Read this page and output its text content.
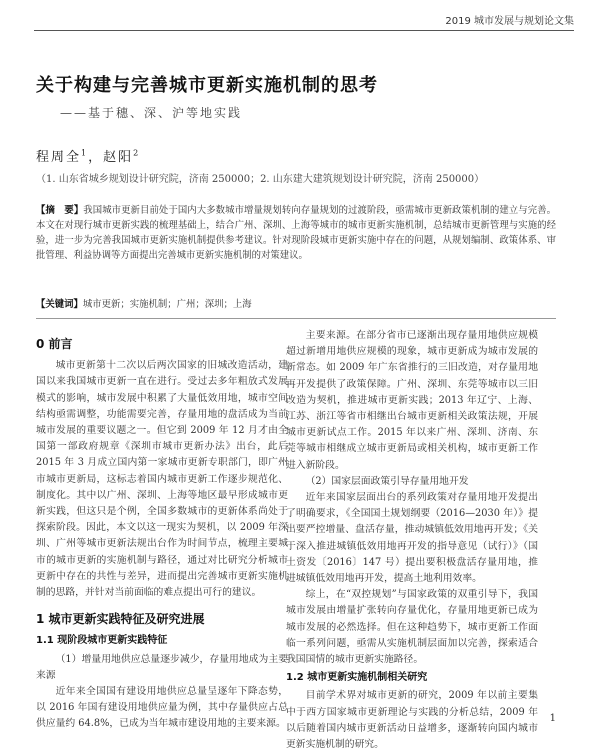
2019 城市发展与规划论文集
关于构建与完善城市更新实施机制的思考
——基于穗、深、沪等地实践
程周全$^1$，赵阳$^2$
（1. 山东省城乡规划设计研究院，济南 250000；2. 山东建大建筑规划设计研究院，济南 250000）
【摘　要】我国城市更新目前处于国内大多数城市增量规划转向存量规划的过渡阶段，亟需城市更新政策机制的建立与完善。本文在对现行城市更新实践的梳理基础上，结合广州、深圳、上海等城市的城市更新实施机制，总结城市更新管理与实施的经验，进一步为完善我国城市更新实施机制提供参考建议。针对现阶段城市更新实施中存在的问题，从规划编制、政策体系、审批管理、利益协调等方面提出完善城市更新实施机制的对策建议。
【关键词】城市更新；实施机制；广州；深圳；上海
0 前言

城市更新第十二次以后两次国家的旧城改造活动，建国以来我国城市更新一直在进行。受过去多年粗放式发展模式的影响，城市发展中积累了大量低效用地，城市空间结构亟需调整，功能需要完善，存量用地的盘活成为当前城市发展的重要议题之一。但它到 2009 年 12 月才由全国第一部政府规章《深圳市城市更新办法》出台，此后 2015 年 3 月成立国内第一家城市更新专职部门，即广州市城市更新局，这标志着国内城市更新工作逐步规范化、制度化。其中以广州、深圳、上海等地区最早形成城市更新实践，但这只是个例，全国多数城市的更新体系尚处于探索阶段。因此，本文以这一现实为契机，以 2009 年深圳、广州等城市更新法规出台作为时间节点，梳理主要城市的城市更新的实施机制与路径，通过对比研究分析城市更新中存在的共性与差异，进而提出完善城市更新实施机制的思路，并针对当前面临的难点提出可行的建议。

1 城市更新实践特征及研究进展
1.1 现阶段城市更新实践特征

（1）增量用地供应总量逐步减少，存量用地成为主要来源

近年来全国国有建设用地供应总量呈逐年下降态势，以 2016 年国有建设用地供应量为例，其中存量供应占总供应量约 64.8%，已成为当年城市建设用地的主要来源。

主要来源。在部分省市已逐渐出现存量用地供应规模超过新增用地供应规模的现象，城市更新成为城市发展的新常态。如 2009 年广东省推行的三旧改造，对存量用地再开发提供了政策保障。广州、深圳、东莞等城市以三旧改造为契机，推进城市更新实践；2013 年辽宁、上海、江苏、浙江等省市相继出台城市更新相关政策法规，开展城市更新试点工作。2015 年以来广州、深圳、济南、东莞等城市相继成立城市更新局或相关机构，城市更新工作进入新阶段。

（2）国家层面政策引导存量用地开发

近年来国家层面出台的系列政策对存量用地开发提出了明确要求，《全国国土规划纲要（2016—2030 年）》提出要严控增量、盘活存量，推动城镇低效用地再开发；《关于深入推进城镇低效用地再开发的指导意见（试行）》（国土资发〔2016〕147 号）提出要积极盘活存量用地，推进城镇低效用地再开发，提高土地利用效率。

综上，在“双控规划”与国家政策的双重引导下，我国城市发展由增量扩张转向存量优化，存量用地更新已成为城市发展的必然选择。但在这种趋势下，城市更新工作面临一系列问题，亟需从实施机制层面加以完善，探索适合我国国情的城市更新实施路径。

1.2 城市更新实施机制相关研究

目前学术界对城市更新的研究，2009 年以前主要集中于西方国家城市更新理论与实践的分析总结，2009 年以后随着国内城市更新活动日益增多，逐渐转向国内城市更新实施机制的研究。

1
